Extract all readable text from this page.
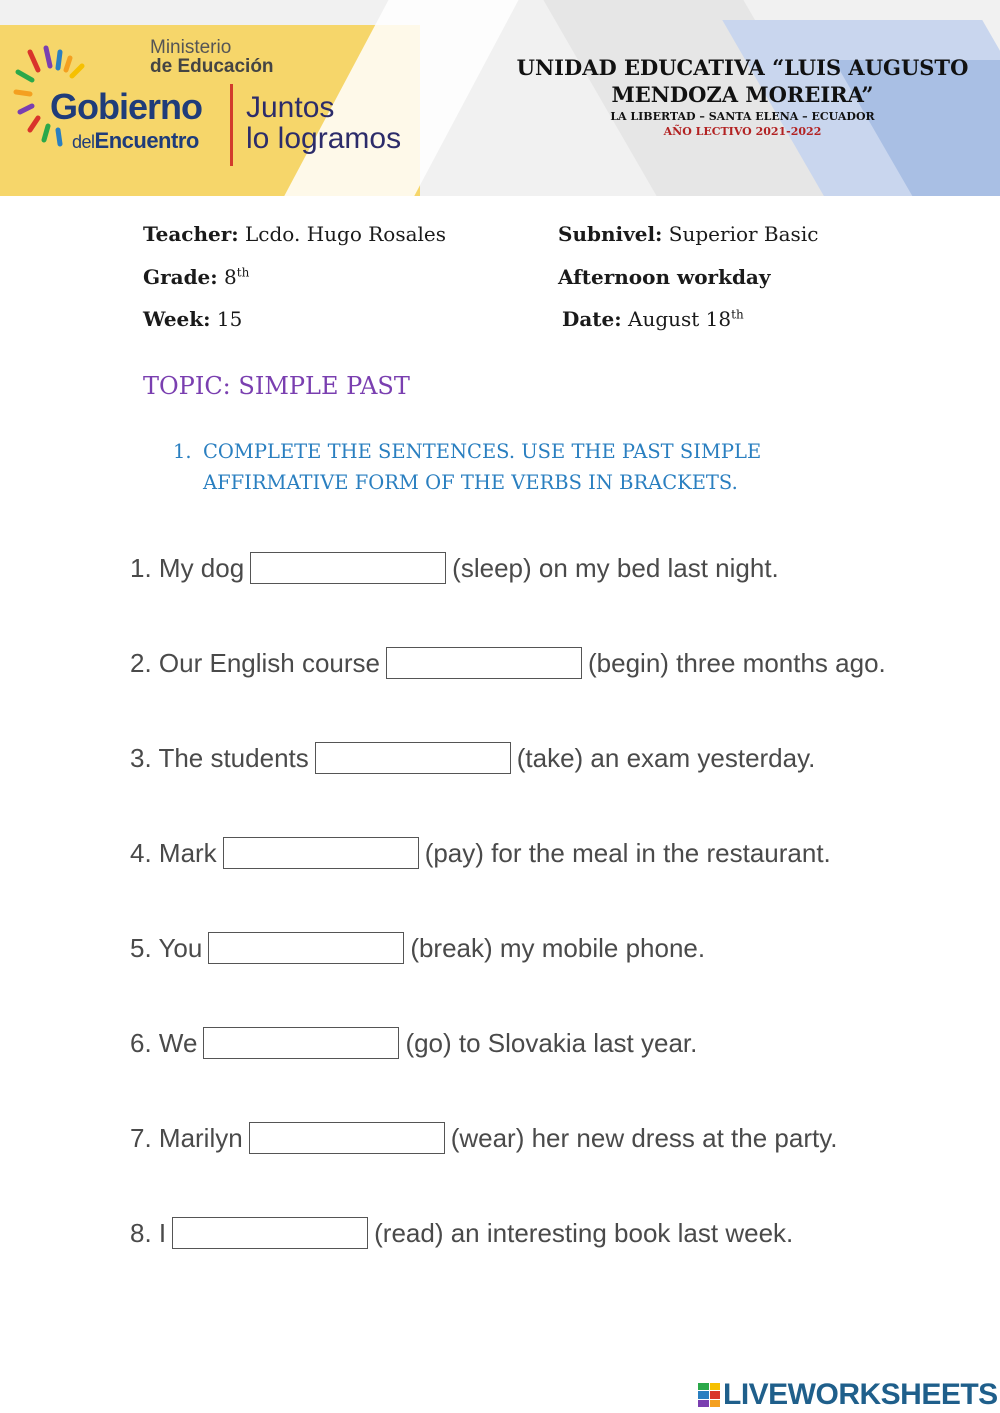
Ministerio
de Educación
Gobierno
delEncuentro
Juntos
lo logramos
UNIDAD EDUCATIVA “LUIS AUGUSTO
MENDOZA MOREIRA”
LA LIBERTAD – SANTA ELENA – ECUADOR
AÑO LECTIVO 2021-2022
Teacher: Lcdo. Hugo Rosales	Subnivel: Superior Basic
Grade: 8th	Afternoon workday
Week: 15	Date: August 18th
TOPIC: SIMPLE PAST
1. COMPLETE THE SENTENCES. USE THE PAST SIMPLE
AFFIRMATIVE FORM OF THE VERBS IN BRACKETS.
1. My dog	(sleep) on my bed last night.
2. Our English course	(begin) three months ago.
3. The students	(take) an exam yesterday.
4. Mark	(pay) for the meal in the restaurant.
5. You	(break) my mobile phone.
6. We	(go) to Slovakia last year.
7. Marilyn	(wear) her new dress at the party.
8. I	(read) an interesting book last week.
LIVEWORKSHEETS
